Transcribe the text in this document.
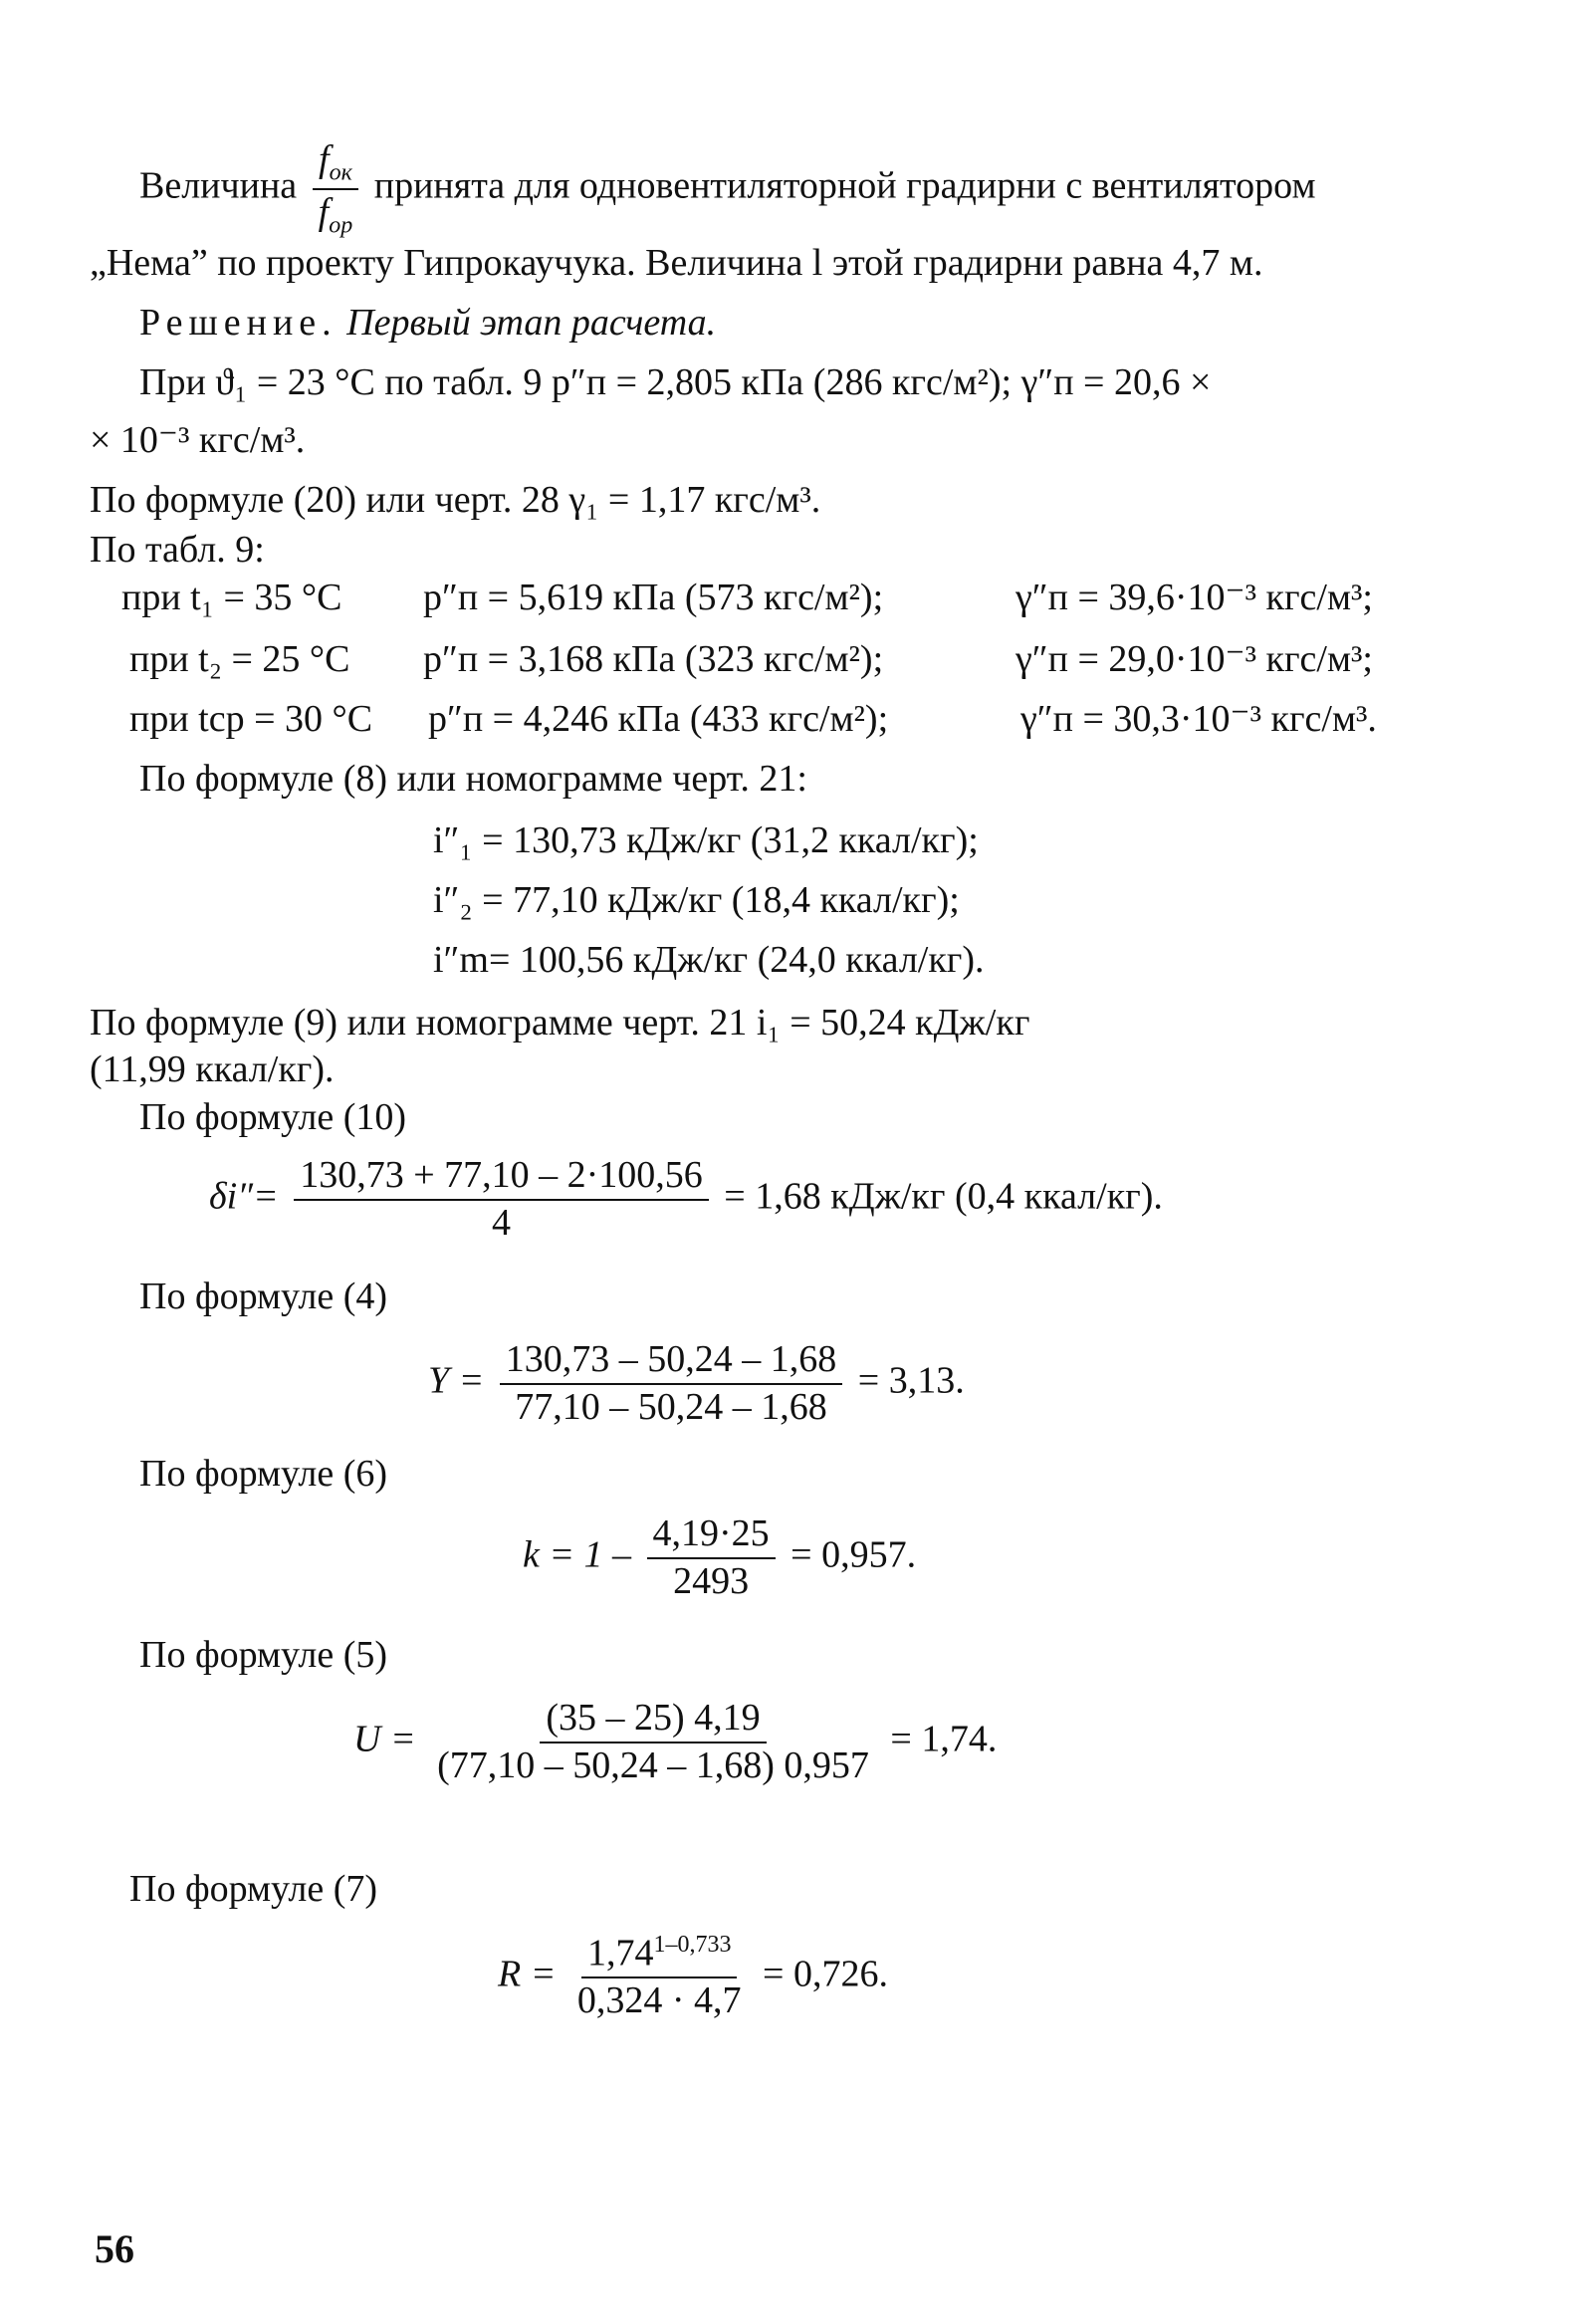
Величина $\frac{f_{ок}}{f_{ор}}$ принята для одновентиляторной градирни с вентилятором
„Нема” по проекту Гипрокаучука. Величина l этой градирни равна 4,7 м.
Решение. Первый этап расчета.
При ϑ₁ = 23 °С по табл. 9 p″п = 2,805 кПа (286 кгс/м²); γ″п = 20,6 ×
× 10⁻³ кгс/м³.
По формуле (20) или черт. 28 γ₁ = 1,17 кгс/м³.
По табл. 9:
при t₁ = 35 °С p″п = 5,619 кПа (573 кгс/м²);	γ″п = 39,6·10⁻³ кгс/м³;
при t₂ = 25 °С p″п = 3,168 кПа (323 кгс/м²);	γ″п = 29,0·10⁻³ кгс/м³;
при tср = 30 °С p″п = 4,246 кПа (433 кгс/м²);	γ″п = 30,3·10⁻³ кгс/м³.
По формуле (8) или номограмме черт. 21:
i″₁ = 130,73 кДж/кг (31,2 ккал/кг);
i″₂ = 77,10 кДж/кг (18,4 ккал/кг);
i″m= 100,56 кДж/кг (24,0 ккал/кг).
По формуле (9) или номограмме черт. 21 i₁ = 50,24 кДж/кг
(11,99 ккал/кг).
По формуле (10)
$\delta i''= \frac{130,73 + 77,10 - 2\cdot 100,56}{4} = 1,68$ кДж/кг (0,4 ккал/кг).
По формуле (4)
$Y = \frac{130,73 - 50,24 - 1,68}{77,10 - 50,24 - 1,68} = 3,13$.
По формуле (6)
$k = 1 - \frac{4,19\cdot 25}{2493} = 0,957$.
По формуле (5)
$U = \frac{(35 - 25) 4,19}{(77,10 - 50,24 - 1,68) 0,957} = 1,74$.
По формуле (7)
$R = \frac{1,74^{1-0,733}}{0,324 \cdot 4,7} = 0,726$.
56
